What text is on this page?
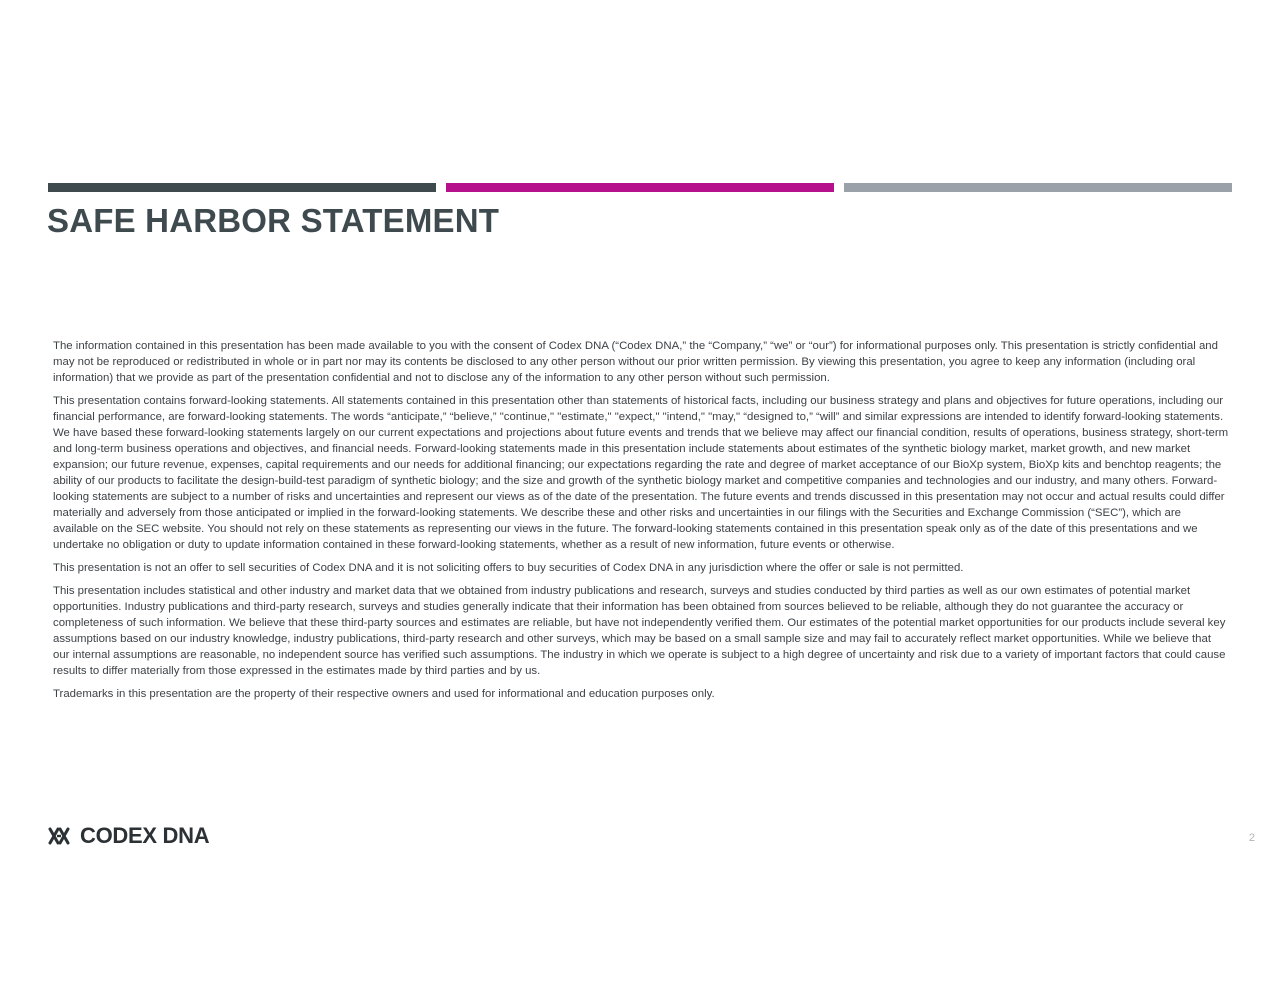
SAFE HARBOR STATEMENT

The information contained in this presentation has been made available to you with the consent of Codex DNA (“Codex DNA,” the “Company,” “we” or “our”) for informational purposes only. This presentation is strictly confidential and may not be reproduced or redistributed in whole or in part nor may its contents be disclosed to any other person without our prior written permission. By viewing this presentation, you agree to keep any information (including oral information) that we provide as part of the presentation confidential and not to disclose any of the information to any other person without such permission.

This presentation contains forward-looking statements. All statements contained in this presentation other than statements of historical facts, including our business strategy and plans and objectives for future operations, including our financial performance, are forward-looking statements. The words “anticipate,” “believe,” "continue," "estimate," "expect," "intend," "may," “designed to,” “will” and similar expressions are intended to identify forward-looking statements. We have based these forward-looking statements largely on our current expectations and projections about future events and trends that we believe may affect our financial condition, results of operations, business strategy, short-term and long-term business operations and objectives, and financial needs. Forward-looking statements made in this presentation include statements about estimates of the synthetic biology market, market growth, and new market expansion; our future revenue, expenses, capital requirements and our needs for additional financing; our expectations regarding the rate and degree of market acceptance of our BioXp system, BioXp kits and benchtop reagents; the ability of our products to facilitate the design-build-test paradigm of synthetic biology; and the size and growth of the synthetic biology market and competitive companies and technologies and our industry, and many others. Forward-looking statements are subject to a number of risks and uncertainties and represent our views as of the date of the presentation. The future events and trends discussed in this presentation may not occur and actual results could differ materially and adversely from those anticipated or implied in the forward-looking statements. We describe these and other risks and uncertainties in our filings with the Securities and Exchange Commission (“SEC”), which are available on the SEC website. You should not rely on these statements as representing our views in the future. The forward-looking statements contained in this presentation speak only as of the date of this presentations and we undertake no obligation or duty to update information contained in these forward-looking statements, whether as a result of new information, future events or otherwise.

This presentation is not an offer to sell securities of Codex DNA and it is not soliciting offers to buy securities of Codex DNA in any jurisdiction where the offer or sale is not permitted.

This presentation includes statistical and other industry and market data that we obtained from industry publications and research, surveys and studies conducted by third parties as well as our own estimates of potential market opportunities. Industry publications and third-party research, surveys and studies generally indicate that their information has been obtained from sources believed to be reliable, although they do not guarantee the accuracy or completeness of such information. We believe that these third-party sources and estimates are reliable, but have not independently verified them. Our estimates of the potential market opportunities for our products include several key assumptions based on our industry knowledge, industry publications, third-party research and other surveys, which may be based on a small sample size and may fail to accurately reflect market opportunities. While we believe that our internal assumptions are reasonable, no independent source has verified such assumptions. The industry in which we operate is subject to a high degree of uncertainty and risk due to a variety of important factors that could cause results to differ materially from those expressed in the estimates made by third parties and by us.

Trademarks in this presentation are the property of their respective owners and used for informational and education purposes only.

CODEX DNA	2
